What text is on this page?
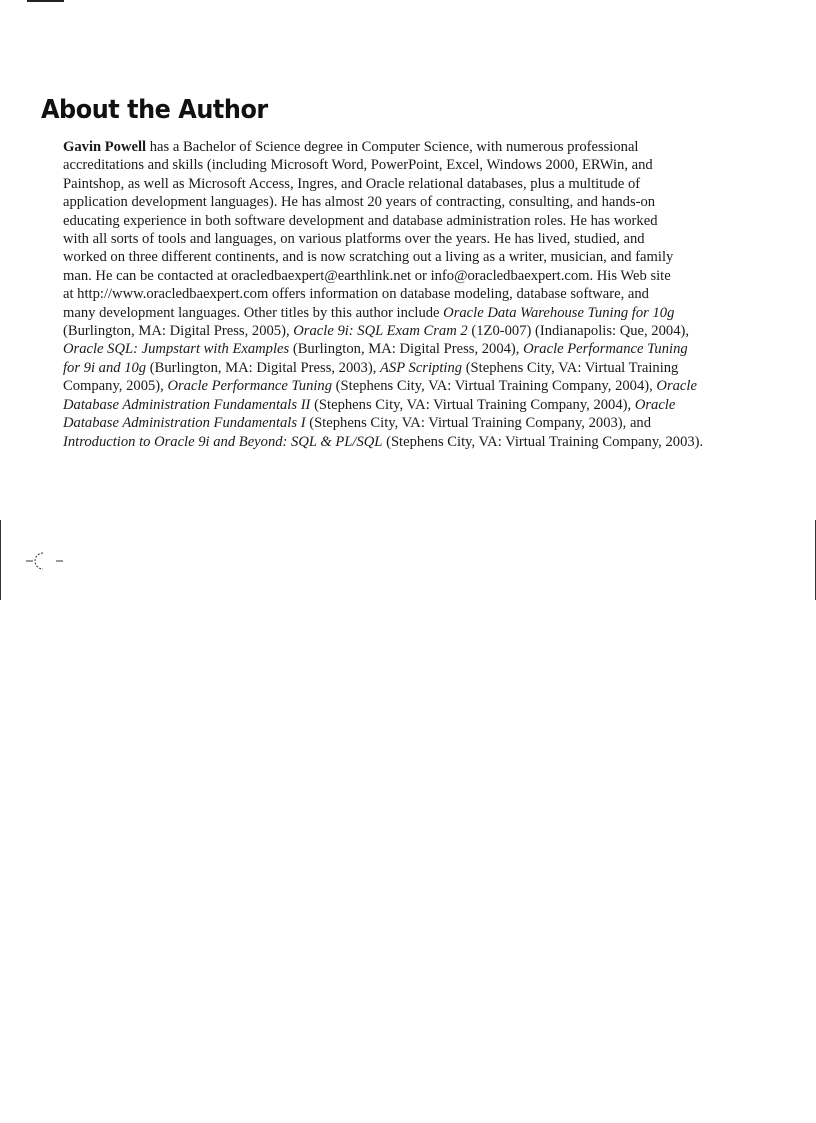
About the Author
Gavin Powell has a Bachelor of Science degree in Computer Science, with numerous professional
accreditations and skills (including Microsoft Word, PowerPoint, Excel, Windows 2000, ERWin, and
Paintshop, as well as Microsoft Access, Ingres, and Oracle relational databases, plus a multitude of
application development languages). He has almost 20 years of contracting, consulting, and hands-on
educating experience in both software development and database administration roles. He has worked
with all sorts of tools and languages, on various platforms over the years. He has lived, studied, and
worked on three different continents, and is now scratching out a living as a writer, musician, and family
man. He can be contacted at oracledbaexpert@earthlink.net or info@oracledbaexpert.com. His Web site
at http://www.oracledbaexpert.com offers information on database modeling, database software, and
many development languages. Other titles by this author include Oracle Data Warehouse Tuning for 10g
(Burlington, MA: Digital Press, 2005), Oracle 9i: SQL Exam Cram 2 (1Z0-007) (Indianapolis: Que, 2004),
Oracle SQL: Jumpstart with Examples (Burlington, MA: Digital Press, 2004), Oracle Performance Tuning
for 9i and 10g (Burlington, MA: Digital Press, 2003), ASP Scripting (Stephens City, VA: Virtual Training
Company, 2005), Oracle Performance Tuning (Stephens City, VA: Virtual Training Company, 2004), Oracle
Database Administration Fundamentals II (Stephens City, VA: Virtual Training Company, 2004), Oracle
Database Administration Fundamentals I (Stephens City, VA: Virtual Training Company, 2003), and
Introduction to Oracle 9i and Beyond: SQL & PL/SQL (Stephens City, VA: Virtual Training Company, 2003).
